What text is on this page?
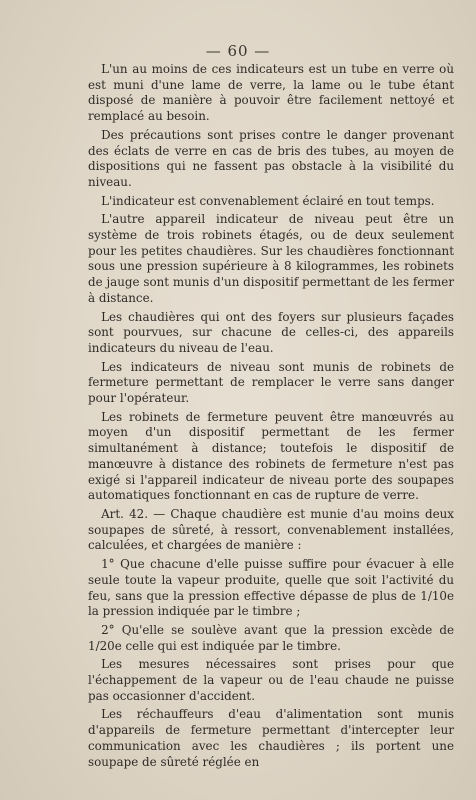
— 60 —

L'un au moins de ces indicateurs est un tube en verre où est muni d'une lame de verre, la lame ou le tube étant disposé de manière à pouvoir être facilement nettoyé et remplacé au besoin.

Des précautions sont prises contre le danger provenant des éclats de verre en cas de bris des tubes, au moyen de dispositions qui ne fassent pas obstacle à la visibilité du niveau.

L'indicateur est convenablement éclairé en tout temps.

L'autre appareil indicateur de niveau peut être un système de trois robinets étagés, ou de deux seulement pour les petites chaudières. Sur les chaudières fonctionnant sous une pression supérieure à 8 kilogrammes, les robinets de jauge sont munis d'un dispositif permettant de les fermer à distance.

Les chaudières qui ont des foyers sur plusieurs façades sont pourvues, sur chacune de celles-ci, des appareils indicateurs du niveau de l'eau.

Les indicateurs de niveau sont munis de robinets de fermeture permettant de remplacer le verre sans danger pour l'opérateur.

Les robinets de fermeture peuvent être manœuvrés au moyen d'un dispositif permettant de les fermer simultanément à distance; toutefois le dispositif de manœuvre à distance des robinets de fermeture n'est pas exigé si l'appareil indicateur de niveau porte des soupapes automatiques fonctionnant en cas de rupture de verre.

Art. 42. — Chaque chaudière est munie d'au moins deux soupapes de sûreté, à ressort, convenablement installées, calculées, et chargées de manière :

1° Que chacune d'elle puisse suffire pour évacuer à elle seule toute la vapeur produite, quelle que soit l'activité du feu, sans que la pression effective dépasse de plus de 1/10e la pression indiquée par le timbre ;

2° Qu'elle se soulève avant que la pression excède de 1/20e celle qui est indiquée par le timbre.

Les mesures nécessaires sont prises pour que l'échappement de la vapeur ou de l'eau chaude ne puisse pas occasionner d'accident.

Les réchauffeurs d'eau d'alimentation sont munis d'appareils de fermeture permettant d'intercepter leur communication avec les chaudières ; ils portent une soupape de sûreté réglée en
